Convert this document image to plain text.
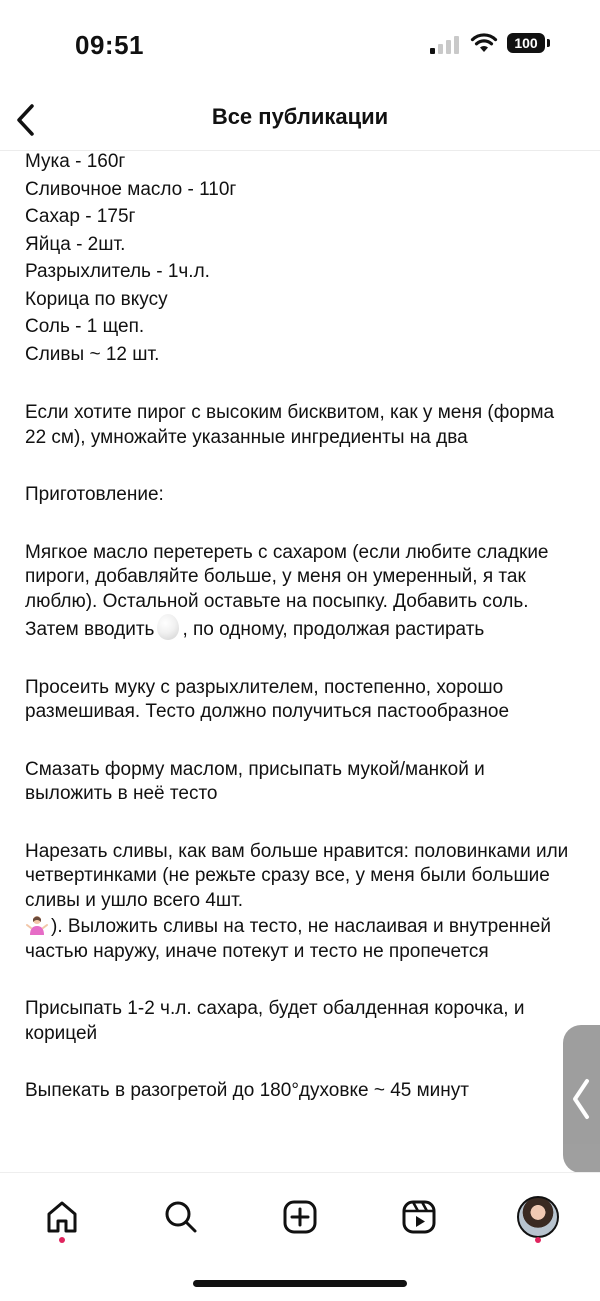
09:51	100
Все публикации

Мука - 160г
Сливочное масло - 110г
Сахар - 175г
Яйца - 2шт.
Разрыхлитель - 1ч.л.
Корица по вкусу
Соль - 1 щеп.
Сливы ~ 12 шт.

Если хотите пирог с высоким бисквитом, как у меня (форма 22 см), умножайте указанные ингредиенты на два

Приготовление:

Мягкое масло перетереть с сахаром (если любите сладкие пироги, добавляйте больше, у меня он умеренный, я так люблю). Остальной оставьте на посыпку. Добавить соль. Затем вводить , по одному, продолжая растирать

Просеить муку с разрыхлителем, постепенно, хорошо размешивая. Тесто должно получиться пастообразное

Смазать форму маслом, присыпать мукой/манкой и выложить в неё тесто

Нарезать сливы, как вам больше нравится: половинками или четвертинками (не режьте сразу все, у меня были большие сливы и ушло всего 4шт.
). Выложить сливы на тесто, не наслаивая и внутренней частью наружу, иначе потекут и тесто не пропечется

Присыпать 1-2 ч.л. сахара, будет обалденная корочка, и корицей

Выпекать в разогретой до 180°духовке ~ 45 минут
